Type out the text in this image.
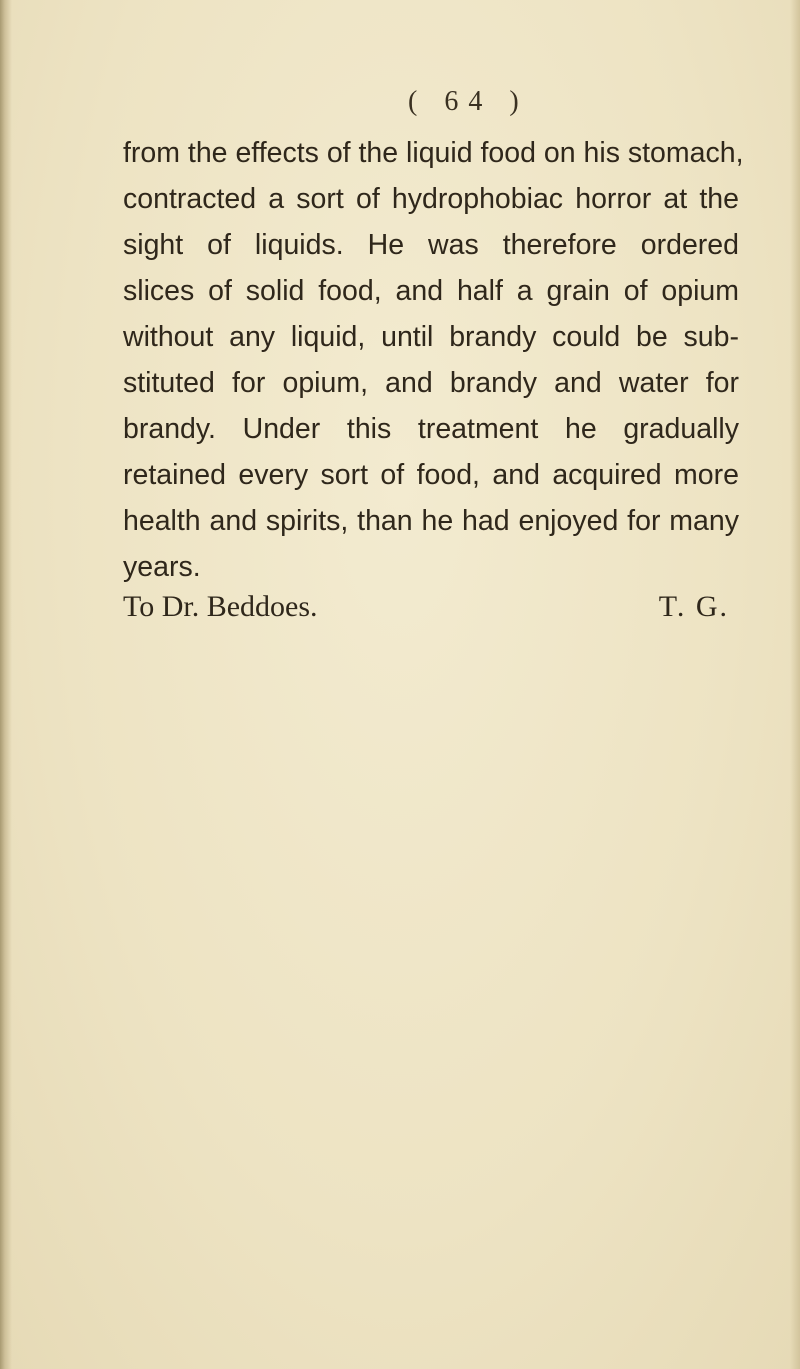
( 64 )
from the effects of the liquid food on his stomach,
contracted a sort of hydrophobiac horror at the
sight of liquids. He was therefore ordered
slices of solid food, and half a grain of opium
without any liquid, until brandy could be sub-
stituted for opium, and brandy and water for
brandy. Under this treatment he gradually
retained every sort of food, and acquired more
health and spirits, than he had enjoyed for many
years.
To Dr. Beddoes.	T. G.
